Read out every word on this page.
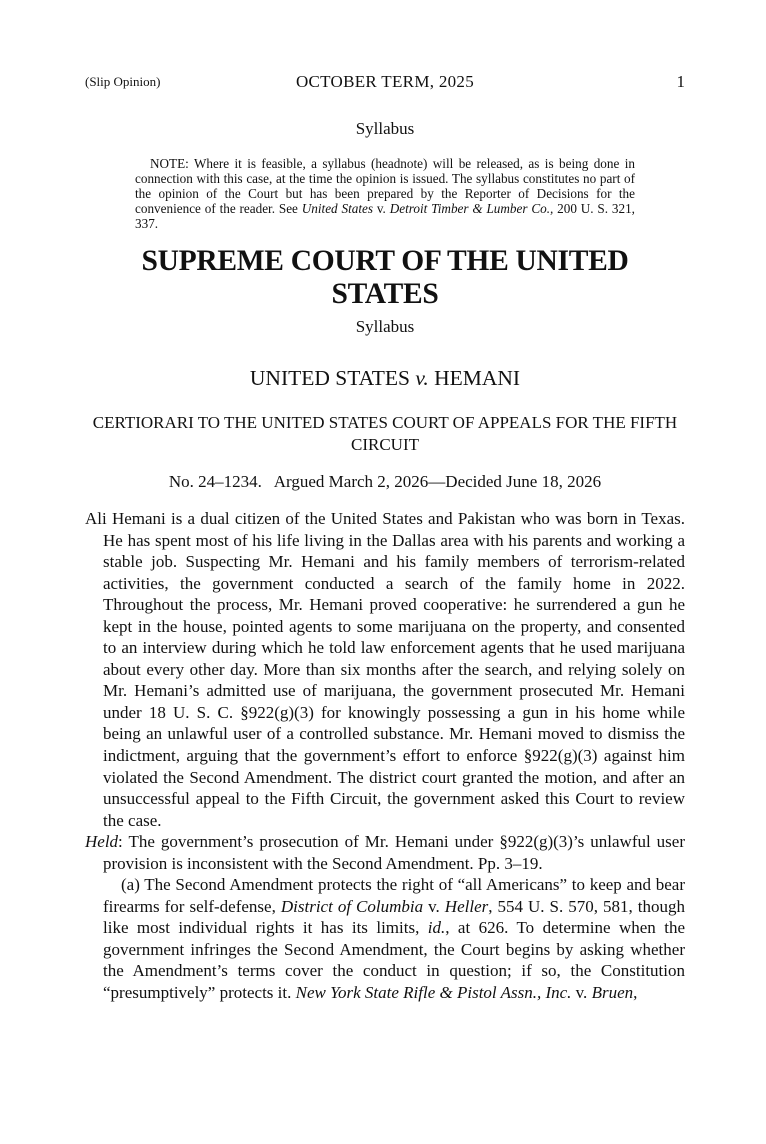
(Slip Opinion)	OCTOBER TERM, 2025	1
Syllabus
NOTE: Where it is feasible, a syllabus (headnote) will be released, as is being done in connection with this case, at the time the opinion is issued. The syllabus constitutes no part of the opinion of the Court but has been prepared by the Reporter of Decisions for the convenience of the reader. See United States v. Detroit Timber & Lumber Co., 200 U. S. 321, 337.
SUPREME COURT OF THE UNITED STATES
Syllabus
UNITED STATES v. HEMANI
CERTIORARI TO THE UNITED STATES COURT OF APPEALS FOR THE FIFTH CIRCUIT
No. 24–1234.   Argued March 2, 2026—Decided June 18, 2026

Ali Hemani is a dual citizen of the United States and Pakistan who was born in Texas. He has spent most of his life living in the Dallas area with his parents and working a stable job. Suspecting Mr. Hemani and his family members of terrorism-related activities, the government conducted a search of the family home in 2022. Throughout the process, Mr. Hemani proved cooperative: he surrendered a gun he kept in the house, pointed agents to some marijuana on the property, and consented to an interview during which he told law enforcement agents that he used marijuana about every other day. More than six months after the search, and relying solely on Mr. Hemani’s admitted use of marijuana, the government prosecuted Mr. Hemani under 18 U. S. C. §922(g)(3) for knowingly possessing a gun in his home while being an unlawful user of a controlled substance. Mr. Hemani moved to dismiss the indictment, arguing that the government’s effort to enforce §922(g)(3) against him violated the Second Amendment. The district court granted the motion, and after an unsuccessful appeal to the Fifth Circuit, the government asked this Court to review the case.

Held: The government’s prosecution of Mr. Hemani under §922(g)(3)’s unlawful user provision is inconsistent with the Second Amendment. Pp. 3–19.

(a) The Second Amendment protects the right of “all Americans” to keep and bear firearms for self-defense, District of Columbia v. Heller, 554 U. S. 570, 581, though like most individual rights it has its limits, id., at 626. To determine when the government infringes the Second Amendment, the Court begins by asking whether the Amendment’s terms cover the conduct in question; if so, the Constitution “presumptively” protects it. New York State Rifle & Pistol Assn., Inc. v. Bruen,
